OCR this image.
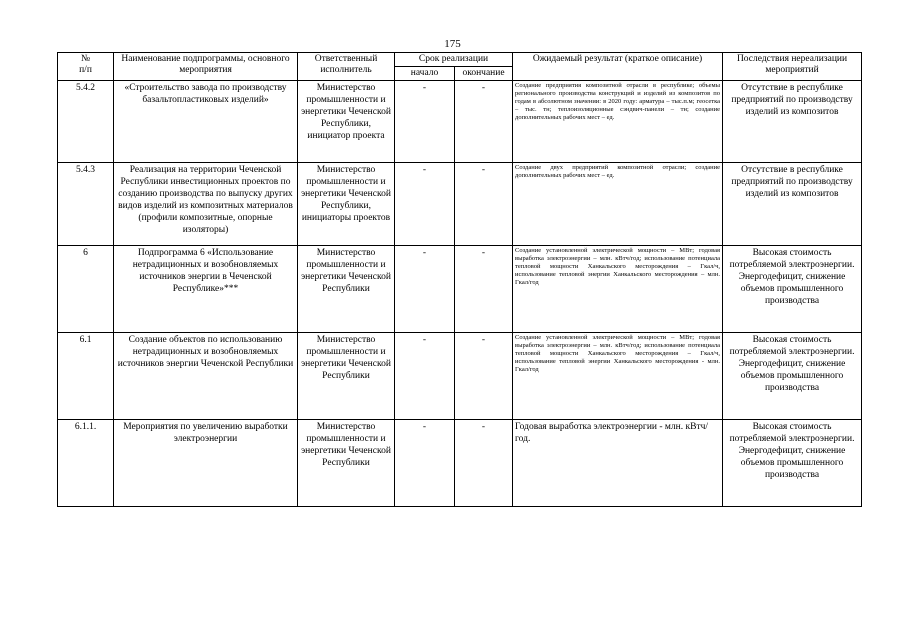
175
№
п/п	Наименование подпрограммы, основного мероприятия	Ответственный исполнитель	Срок реализации		Ожидаемый результат (краткое описание)	Последствия нереализации мероприятий
			начало	окончание		
5.4.2	«Строительство завода по производству базальтопластиковых изделий»	Министерство промышленности и энергетики Чеченской Республики, инициатор проекта	-	-	Создание предприятия композитной отрасли в республике; объемы регионального производства конструкций и изделий из композитов по годам в абсолютном значении: в 2020 году: арматура – тыс.п.м; геосетка – тыс. тн; теплоизоляционные сэндвич-панели – тн; создание дополнительных рабочих мест – ед.	Отсутствие в республике предприятий по производству изделий из композитов
5.4.3	Реализация на территории Чеченской Республики инвестиционных проектов по созданию производства по выпуску других видов изделий из композитных материалов (профили композитные, опорные изоляторы)	Министерство промышленности и энергетики Чеченской Республики, инициаторы проектов	-	-	Создание двух предприятий композитной отрасли; создание дополнительных рабочих мест – ед.	Отсутствие в республике предприятий по производству изделий из композитов
6	Подпрограмма 6 «Использование нетрадиционных и возобновляемых источников энергии в Чеченской Республике»***	Министерство промышленности и энергетики Чеченской Республики	-	-	Создание установленной электрической мощности – МВт; годовая выработка электроэнергии – млн. кВтч/год; использование потенциала тепловой мощности Ханкальского месторождения – Гкал/ч, использование тепловой энергии Ханкальского месторождения – млн. Гкал/год	Высокая стоимость потребляемой электроэнергии. Энергодефицит, снижение объемов промышленного производства
6.1	Создание объектов по использованию нетрадиционных и возобновляемых источников энергии Чеченской Республики	Министерство промышленности и энергетики Чеченской Республики	-	-	Создание установленной электрической мощности – МВт; годовая выработка электроэнергии – млн. кВтч/год; использование потенциала тепловой мощности Ханкальского месторождения – Гкал/ч, использование тепловой энергии Ханкальского месторождения - млн. Гкал/год	Высокая стоимость потребляемой электроэнергии. Энергодефицит, снижение объемов промышленного производства
6.1.1.	Мероприятия по увеличению выработки электроэнергии	Министерство промышленности и энергетики Чеченской Республики	-	-	Годовая выработка электроэнергии - млн. кВтч/год.	Высокая стоимость потребляемой электроэнергии. Энергодефицит, снижение объемов промышленного производства
